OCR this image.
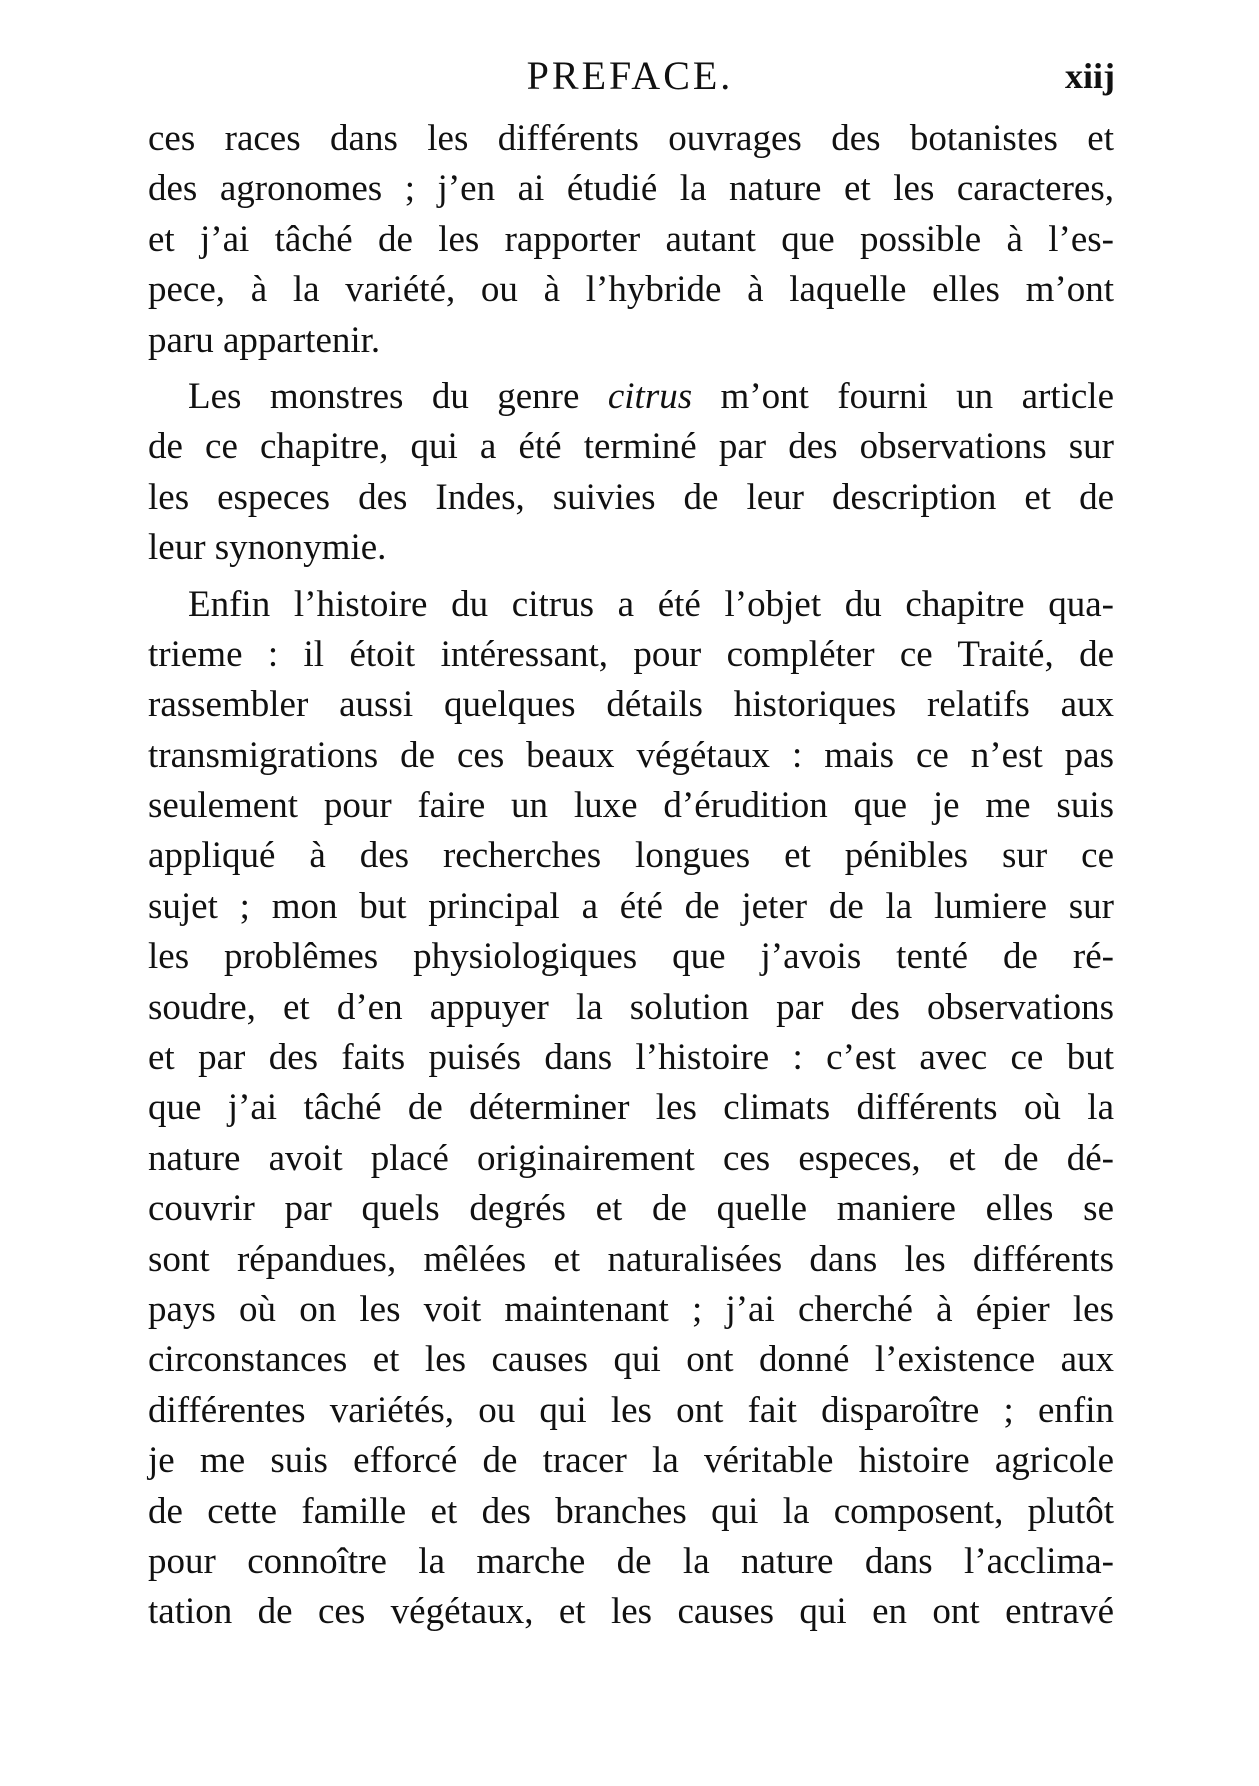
PREFACE.	xiij
ces races dans les différents ouvrages des botanistes et
des agronomes ; j’en ai étudié la nature et les caracteres,
et j’ai tâché de les rapporter autant que possible à l’es-
pece, à la variété, ou à l’hybride à laquelle elles m’ont
paru appartenir.
Les monstres du genre citrus m’ont fourni un article
de ce chapitre, qui a été terminé par des observations sur
les especes des Indes, suivies de leur description et de
leur synonymie.
Enfin l’histoire du citrus a été l’objet du chapitre qua-
trieme : il étoit intéressant, pour compléter ce Traité, de
rassembler aussi quelques détails historiques relatifs aux
transmigrations de ces beaux végétaux : mais ce n’est pas
seulement pour faire un luxe d’érudition que je me suis
appliqué à des recherches longues et pénibles sur ce
sujet ; mon but principal a été de jeter de la lumiere sur
les problêmes physiologiques que j’avois tenté de ré-
soudre, et d’en appuyer la solution par des observations
et par des faits puisés dans l’histoire : c’est avec ce but
que j’ai tâché de déterminer les climats différents où la
nature avoit placé originairement ces especes, et de dé-
couvrir par quels degrés et de quelle maniere elles se
sont répandues, mêlées et naturalisées dans les différents
pays où on les voit maintenant ; j’ai cherché à épier les
circonstances et les causes qui ont donné l’existence aux
différentes variétés, ou qui les ont fait disparoître ; enfin
je me suis efforcé de tracer la véritable histoire agricole
de cette famille et des branches qui la composent, plutôt
pour connoître la marche de la nature dans l’acclima-
tation de ces végétaux, et les causes qui en ont entravé
